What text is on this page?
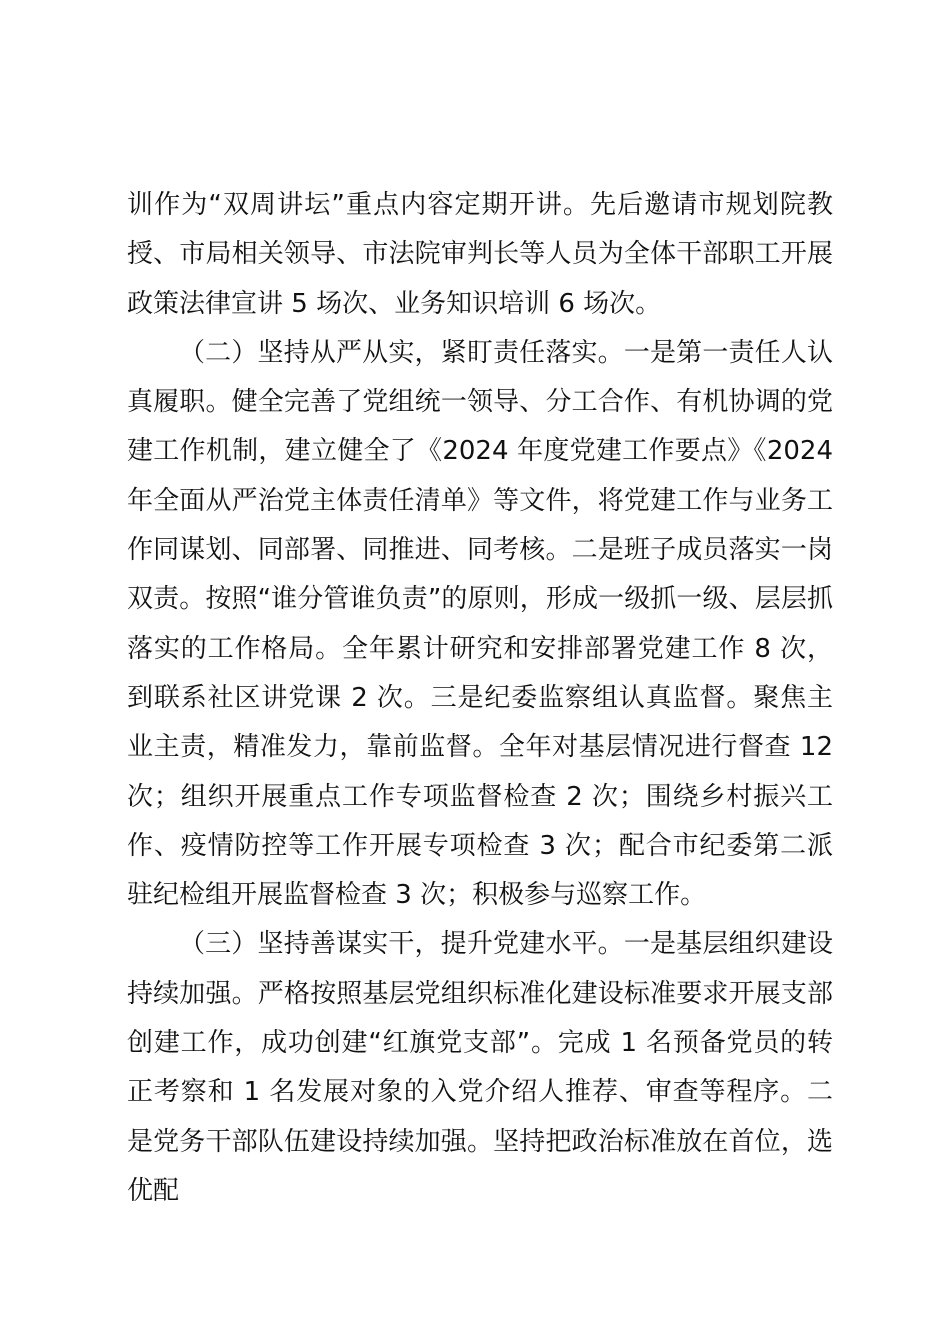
训作为“双周讲坛”重点内容定期开讲。先后邀请市规划院教授、市局相关领导、市法院审判长等人员为全体干部职工开展政策法律宣讲 5 场次、业务知识培训 6 场次。

（二）坚持从严从实，紧盯责任落实。一是第一责任人认真履职。健全完善了党组统一领导、分工合作、有机协调的党建工作机制，建立健全了《2024 年度党建工作要点》《2024 年全面从严治党主体责任清单》等文件，将党建工作与业务工作同谋划、同部署、同推进、同考核。二是班子成员落实一岗双责。按照“谁分管谁负责”的原则，形成一级抓一级、层层抓落实的工作格局。全年累计研究和安排部署党建工作 8 次，到联系社区讲党课 2 次。三是纪委监察组认真监督。聚焦主业主责，精准发力，靠前监督。全年对基层情况进行督查 12 次；组织开展重点工作专项监督检查 2 次；围绕乡村振兴工作、疫情防控等工作开展专项检查 3 次；配合市纪委第二派驻纪检组开展监督检查 3 次；积极参与巡察工作。

（三）坚持善谋实干，提升党建水平。一是基层组织建设持续加强。严格按照基层党组织标准化建设标准要求开展支部创建工作，成功创建“红旗党支部”。完成 1 名预备党员的转正考察和 1 名发展对象的入党介绍人推荐、审查等程序。二是党务干部队伍建设持续加强。坚持把政治标准放在首位，选优配
